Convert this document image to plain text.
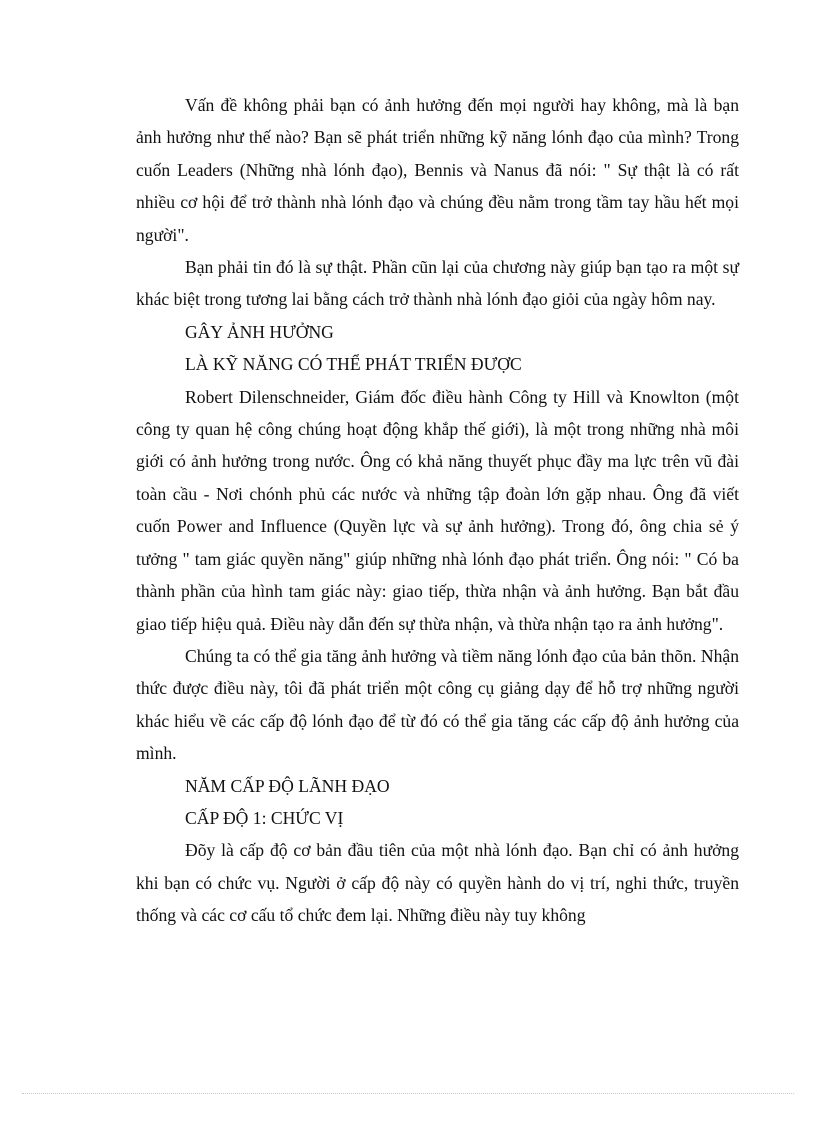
Vấn đề không phải bạn có ảnh hưởng đến mọi người hay không, mà là bạn ảnh hưởng như thế nào? Bạn sẽ phát triển những kỹ năng lónh đạo của mình? Trong cuốn Leaders (Những nhà lónh đạo), Bennis và Nanus đã nói: " Sự thật là có rất nhiều cơ hội để trở thành nhà lónh đạo và chúng đều nằm trong tầm tay hầu hết mọi người".

Bạn phải tin đó là sự thật. Phần cũn lại của chương này giúp bạn tạo ra một sự khác biệt trong tương lai bằng cách trở thành nhà lónh đạo giỏi của ngày hôm nay.

GÂY ẢNH HƯỞNG

LÀ KỸ NĂNG CÓ THỂ PHÁT TRIỂN ĐƯỢC

Robert Dilenschneider, Giám đốc điều hành Công ty Hill và Knowlton (một công ty quan hệ công chúng hoạt động khắp thế giới), là một trong những nhà môi giới có ảnh hưởng trong nước. Ông có khả năng thuyết phục đầy ma lực trên vũ đài toàn cầu - Nơi chónh phủ các nước và những tập đoàn lớn gặp nhau. Ông đã viết cuốn Power and Influence (Quyền lực và sự ảnh hưởng). Trong đó, ông chia sẻ ý tưởng " tam giác quyền năng" giúp những nhà lónh đạo phát triển. Ông nói: " Có ba thành phần của hình tam giác này: giao tiếp, thừa nhận và ảnh hưởng. Bạn bắt đầu giao tiếp hiệu quả. Điều này dẫn đến sự thừa nhận, và thừa nhận tạo ra ảnh hưởng".

Chúng ta có thể gia tăng ảnh hưởng và tiềm năng lónh đạo của bản thõn. Nhận thức được điều này, tôi đã phát triển một công cụ giảng dạy để hỗ trợ những người khác hiểu về các cấp độ lónh đạo để từ đó có thể gia tăng các cấp độ ảnh hưởng của mình.

NĂM CẤP ĐỘ LÃNH ĐẠO

CẤP ĐỘ 1: CHỨC VỊ

Đõy là cấp độ cơ bản đầu tiên của một nhà lónh đạo. Bạn chỉ có ảnh hưởng khi bạn có chức vụ. Người ở cấp độ này có quyền hành do vị trí, nghi thức, truyền thống và các cơ cấu tổ chức đem lại. Những điều này tuy không
